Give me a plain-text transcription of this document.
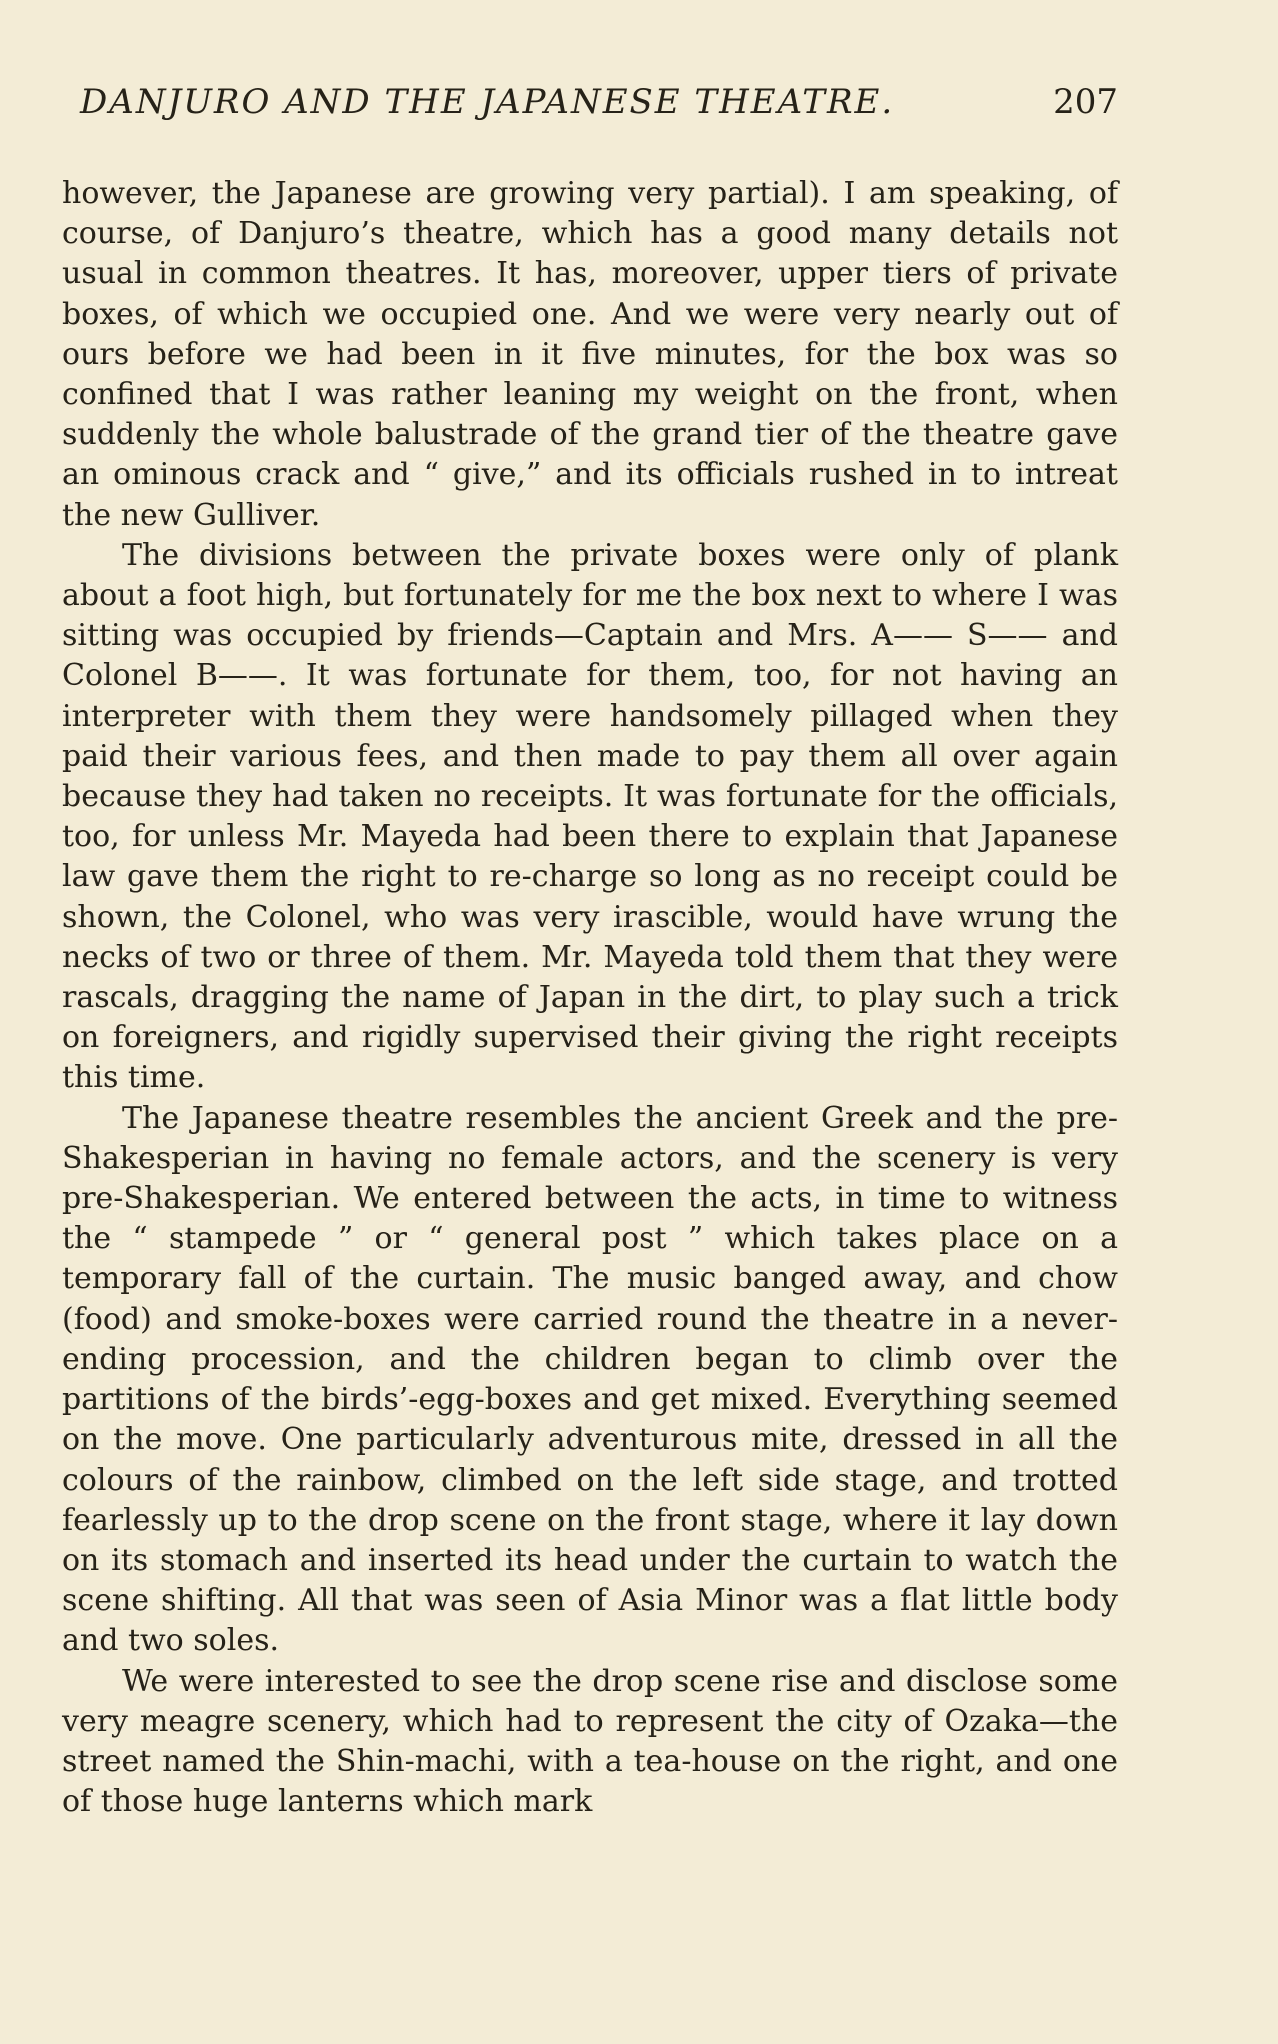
DANJURO AND THE JAPANESE THEATRE.	207

however, the Japanese are growing very partial). I am speaking, of course, of Danjuro’s theatre, which has a good many details not usual in common theatres. It has, moreover, upper tiers of private boxes, of which we occupied one. And we were very nearly out of ours before we had been in it five minutes, for the box was so confined that I was rather leaning my weight on the front, when suddenly the whole balustrade of the grand tier of the theatre gave an ominous crack and “ give,” and its officials rushed in to intreat the new Gulliver.

The divisions between the private boxes were only of plank about a foot high, but fortunately for me the box next to where I was sitting was occupied by friends—Captain and Mrs. A—— S—— and Colonel B——. It was fortunate for them, too, for not having an interpreter with them they were handsomely pillaged when they paid their various fees, and then made to pay them all over again because they had taken no receipts. It was fortunate for the officials, too, for unless Mr. Mayeda had been there to explain that Japanese law gave them the right to re-charge so long as no receipt could be shown, the Colonel, who was very irascible, would have wrung the necks of two or three of them. Mr. Mayeda told them that they were rascals, dragging the name of Japan in the dirt, to play such a trick on foreigners, and rigidly supervised their giving the right receipts this time.

The Japanese theatre resembles the ancient Greek and the pre-Shakesperian in having no female actors, and the scenery is very pre-Shakesperian. We entered between the acts, in time to witness the “ stampede ” or “ general post ” which takes place on a temporary fall of the curtain. The music banged away, and chow (food) and smoke-boxes were carried round the theatre in a never-ending procession, and the children began to climb over the partitions of the birds’-egg-boxes and get mixed. Everything seemed on the move. One particularly adventurous mite, dressed in all the colours of the rainbow, climbed on the left side stage, and trotted fearlessly up to the drop scene on the front stage, where it lay down on its stomach and inserted its head under the curtain to watch the scene shifting. All that was seen of Asia Minor was a flat little body and two soles.

We were interested to see the drop scene rise and disclose some very meagre scenery, which had to represent the city of Ozaka—the street named the Shin-machi, with a tea-house on the right, and one of those huge lanterns which mark
